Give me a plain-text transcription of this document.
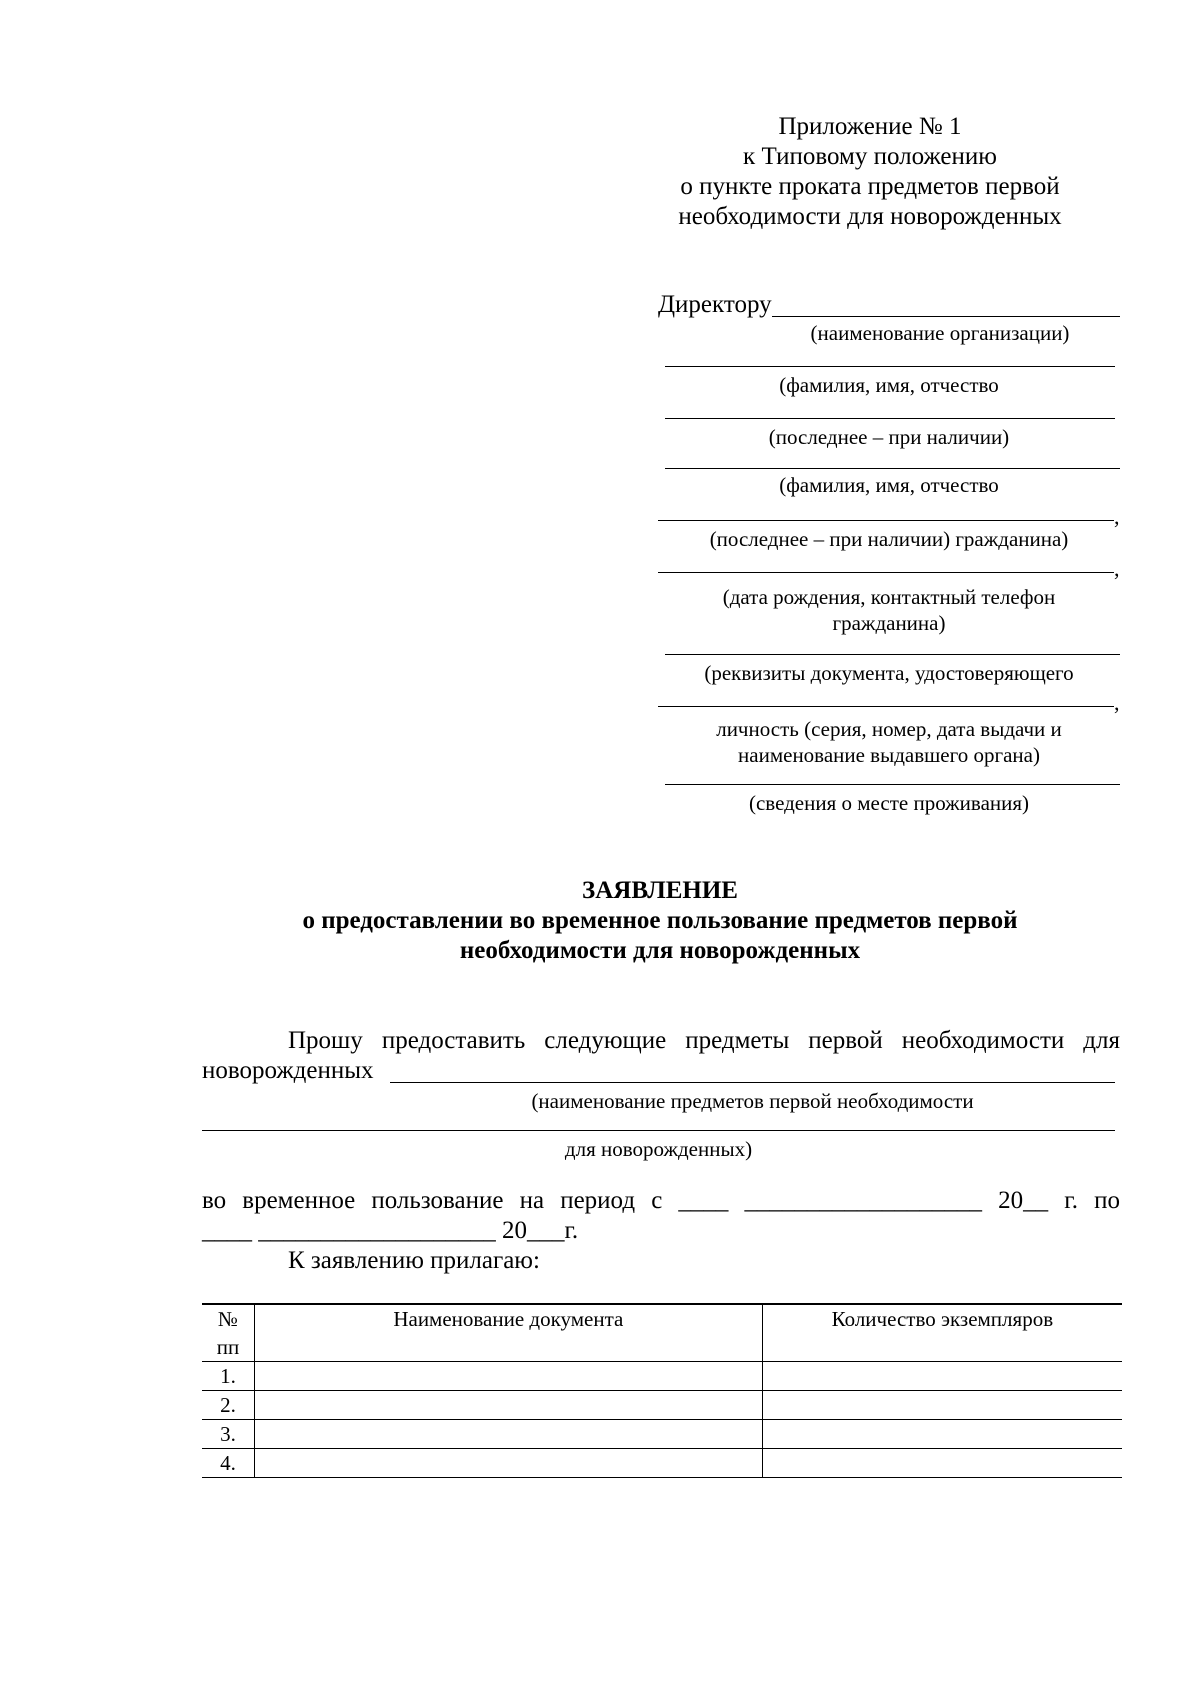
Приложение № 1
к Типовому положению
о пункте проката предметов первой
необходимости для новорожденных
Директору
(наименование организации)
(фамилия, имя, отчество
(последнее – при наличии)
(фамилия, имя, отчество
,
(последнее – при наличии) гражданина)
,
(дата рождения, контактный телефон
гражданина)
(реквизиты документа, удостоверяющего
,
личность (серия, номер, дата выдачи и
наименование выдавшего органа)
(сведения о месте проживания)
ЗАЯВЛЕНИЕ
о предоставлении во временное пользование предметов первой
необходимости для новорожденных
Прошу предоставить следующие предметы первой необходимости для
новорожденных
(наименование предметов первой необходимости
для новорожденных)
во временное пользование на период с ____ ___________________ 20__ г. по
____ ___________________ 20___г.
К заявлению прилагаю:
№
пп	Наименование документа	Количество экземпляров
1.		
2.		
3.		
4.		
